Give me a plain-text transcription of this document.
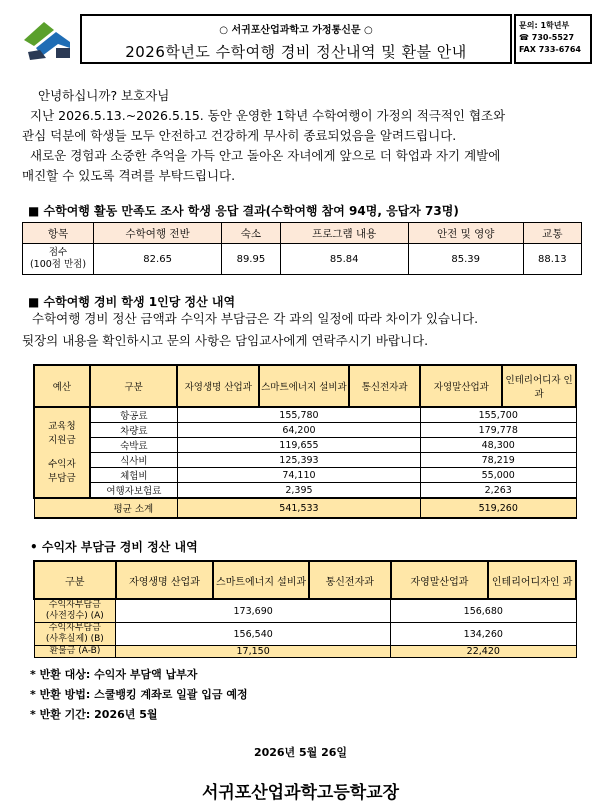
○ 서귀포산업과학고 가정통신문 ○
2026학년도 수학여행 경비 정산내역 및 환불 안내
문의: 1학년부
☎ 730-5527
FAX 733-6764
안녕하십니까? 보호자님
지난 2026.5.13.~2026.5.15. 동안 운영한 1학년 수학여행이 가정의 적극적인 협조와
관심 덕분에 학생들 모두 안전하고 건강하게 무사히 종료되었음을 알려드립니다.
새로운 경험과 소중한 추억을 가득 안고 돌아온 자녀에게 앞으로 더 학업과 자기 계발에
매진할 수 있도록 격려를 부탁드립니다.
■ 수학여행 활동 만족도 조사 학생 응답 결과(수학여행 참여 94명, 응답자 73명)
항목	수학여행 전반	숙소	프로그램 내용	안전 및 영양	교통

점수
(100점 만점)	82.65	89.95	85.84	85.39	88.13
■ 수학여행 경비 학생 1인당 정산 내역
수학여행 경비 정산 금액과 수익자 부담금은 각 과의 일정에 따라 차이가 있습니다.
뒷장의 내용을 확인하시고 문의 사항은 담임교사에게 연락주시기 바랍니다.
예산	구분	자영생명 산업과	스마트에너지 설비과	통신전자과	자영말산업과	인테리어디자 인과

교육청
지원금
수익자
부담금	항공료	155,780			155,700	
	차량료	64,200			179,778	
	숙박료	119,655			48,300	
	식사비	125,393			78,219	
	체험비	74,110			55,000	
	여행자보험료	2,395			2,263	
	평균 소계	541,533			519,260	
• 수익자 부담금 경비 정산 내역
구분	자영생명 산업과	스마트에너지 설비과	통신전자과	자영말산업과	인테리어디자인 과

수익자부담금
(사전징수) (A)	173,690			156,680	

수익자부담금
(사후실제) (B)	156,540			134,260	
환불금 (A-B)	17,150			22,420	
* 반환 대상: 수익자 부담액 납부자
* 반환 방법: 스쿨뱅킹 계좌로 일괄 입금 예정
* 반환 기간: 2026년 5월
2026년 5월 26일
서귀포산업과학고등학교장
